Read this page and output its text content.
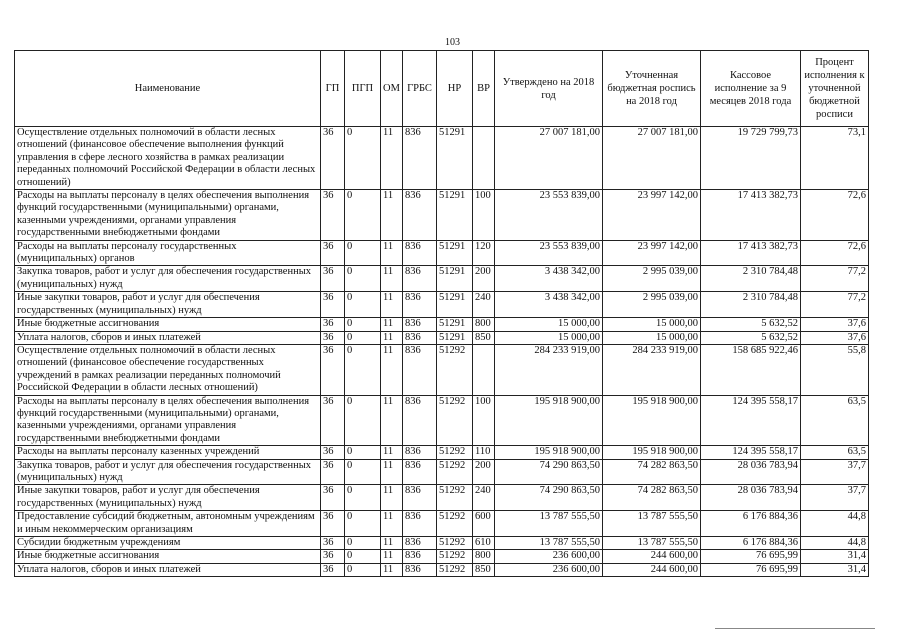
103
Наименование	ГП	ПГП	ОМ	ГРБС	НР	ВР	Утверждено на 2018 год	Уточненная бюджетная роспись на 2018 год	Кассовое исполнение за 9 месяцев 2018 года	Процент исполнения к уточненной бюджетной росписи
Осуществление отдельных полномочий в области лесных отношений (финансовое обеспечение выполнения функций управления в сфере лесного хозяйства в рамках реализации переданных полномочий Российской Федерации в области лесных отношений)	36	0	11	836	51291		27 007 181,00	27 007 181,00	19 729 799,73	73,1
Расходы на выплаты персоналу в целях обеспечения выполнения функций государственными (муниципальными) органами, казенными учреждениями, органами управления государственными внебюджетными фондами	36	0	11	836	51291	100	23 553 839,00	23 997 142,00	17 413 382,73	72,6
Расходы на выплаты персоналу государственных (муниципальных) органов	36	0	11	836	51291	120	23 553 839,00	23 997 142,00	17 413 382,73	72,6
Закупка товаров, работ и услуг для обеспечения государственных (муниципальных) нужд	36	0	11	836	51291	200	3 438 342,00	2 995 039,00	2 310 784,48	77,2
Иные закупки товаров, работ и услуг для обеспечения государственных (муниципальных) нужд	36	0	11	836	51291	240	3 438 342,00	2 995 039,00	2 310 784,48	77,2
Иные бюджетные ассигнования	36	0	11	836	51291	800	15 000,00	15 000,00	5 632,52	37,6
Уплата налогов, сборов и иных платежей	36	0	11	836	51291	850	15 000,00	15 000,00	5 632,52	37,6
Осуществление отдельных полномочий в области лесных отношений (финансовое обеспечение государственных учреждений в рамках реализации переданных полномочий Российской Федерации в области лесных отношений)	36	0	11	836	51292		284 233 919,00	284 233 919,00	158 685 922,46	55,8
Расходы на выплаты персоналу в целях обеспечения выполнения функций государственными (муниципальными) органами, казенными учреждениями, органами управления государственными внебюджетными фондами	36	0	11	836	51292	100	195 918 900,00	195 918 900,00	124 395 558,17	63,5
Расходы на выплаты персоналу казенных учреждений	36	0	11	836	51292	110	195 918 900,00	195 918 900,00	124 395 558,17	63,5
Закупка товаров, работ и услуг для обеспечения государственных (муниципальных) нужд	36	0	11	836	51292	200	74 290 863,50	74 282 863,50	28 036 783,94	37,7
Иные закупки товаров, работ и услуг для обеспечения государственных (муниципальных) нужд	36	0	11	836	51292	240	74 290 863,50	74 282 863,50	28 036 783,94	37,7
Предоставление субсидий бюджетным, автономным учреждениям и иным некоммерческим организациям	36	0	11	836	51292	600	13 787 555,50	13 787 555,50	6 176 884,36	44,8
Субсидии бюджетным учреждениям	36	0	11	836	51292	610	13 787 555,50	13 787 555,50	6 176 884,36	44,8
Иные бюджетные ассигнования	36	0	11	836	51292	800	236 600,00	244 600,00	76 695,99	31,4
Уплата налогов, сборов и иных платежей	36	0	11	836	51292	850	236 600,00	244 600,00	76 695,99	31,4
